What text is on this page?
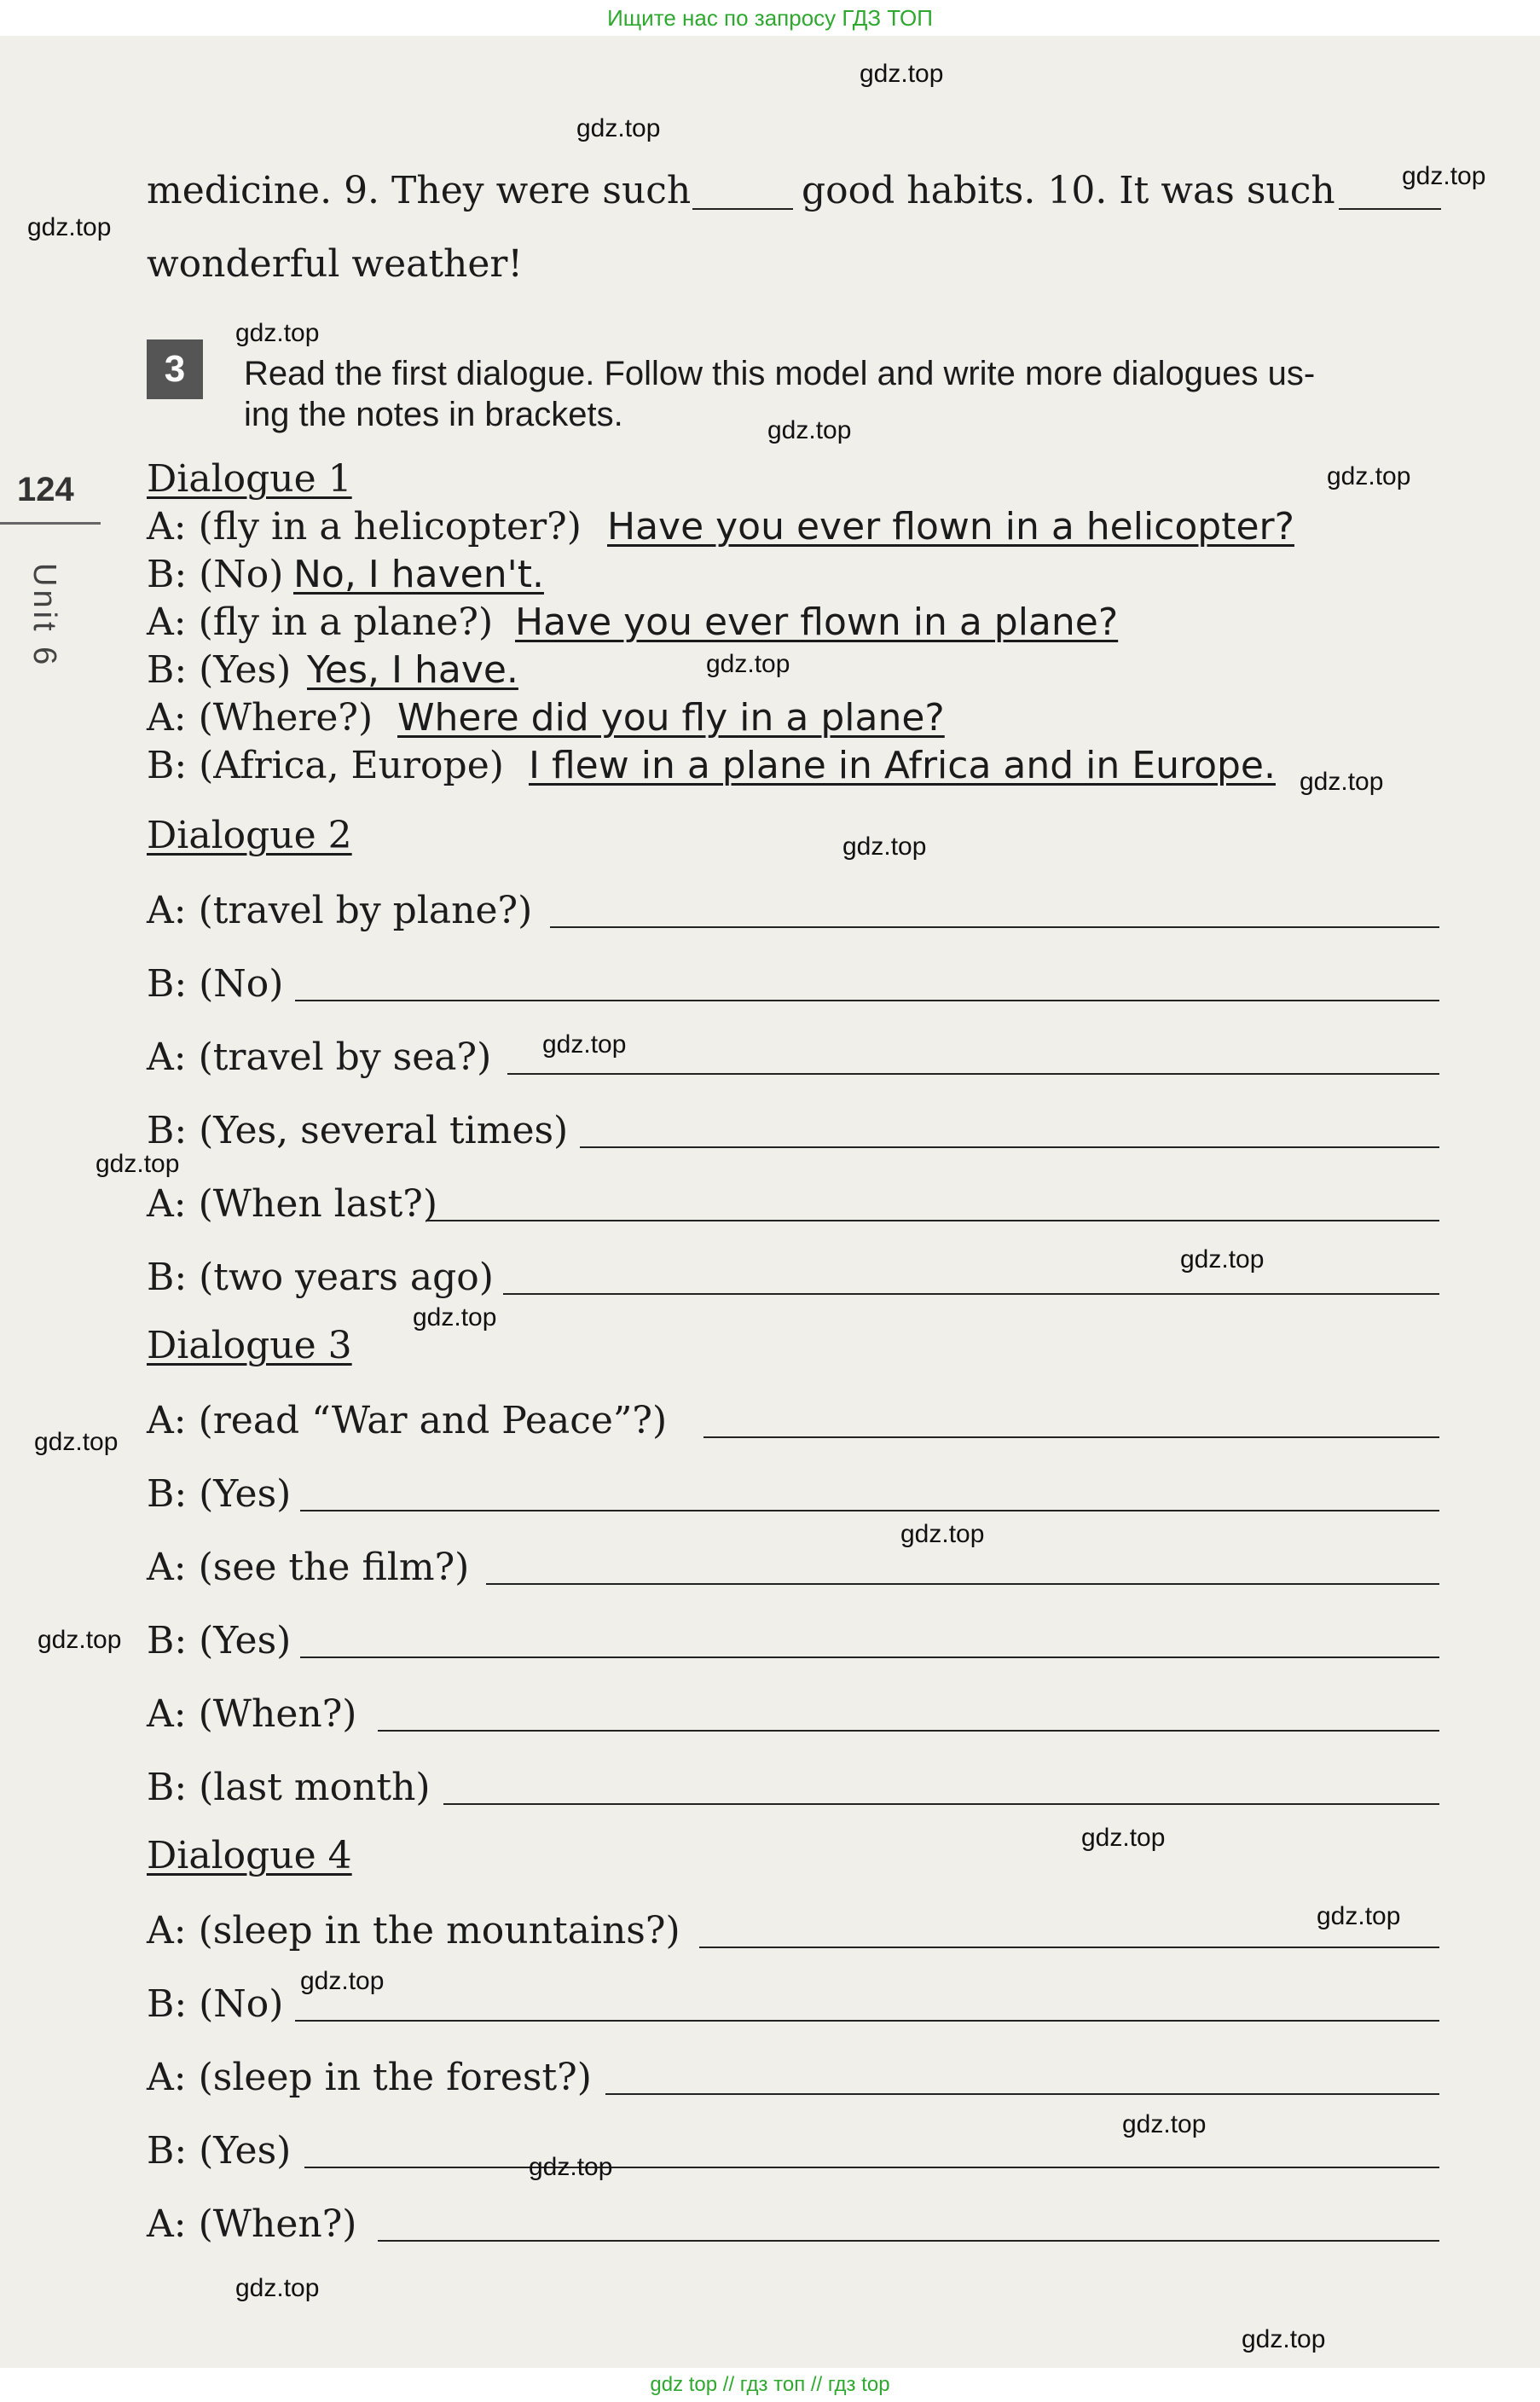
Ищите нас по запросу ГДЗ ТОП
gdz top // гдз топ // гдз top
124
Unit 6
medicine. 9. They were such	good habits. 10. It was such
wonderful weather!
3	Read the first dialogue. Follow this model and write more dialogues us-
ing the notes in brackets.
Dialogue 1
A: (fly in a helicopter?) Have you ever flown in a helicopter?
B: (No) No, I haven't.
A: (fly in a plane?) Have you ever flown in a plane?
B: (Yes) Yes, I have.
A: (Where?) Where did you fly in a plane?
B: (Africa, Europe) I flew in a plane in Africa and in Europe.
Dialogue 2
A: (travel by plane?)
B: (No)
A: (travel by sea?)
B: (Yes, several times)
A: (When last?)
B: (two years ago)
Dialogue 3
A: (read “War and Peace”?)
B: (Yes)
A: (see the film?)
B: (Yes)
A: (When?)
B: (last month)
Dialogue 4
A: (sleep in the mountains?)
B: (No)
A: (sleep in the forest?)
B: (Yes)
A: (When?)
gdz.top
gdz.top
gdz.top
gdz.top
gdz.top
gdz.top
gdz.top
gdz.top
gdz.top
gdz.top
gdz.top
gdz.top
gdz.top
gdz.top
gdz.top
gdz.top
gdz.top
gdz.top
gdz.top
gdz.top
gdz.top
gdz.top
gdz.top
gdz.top
